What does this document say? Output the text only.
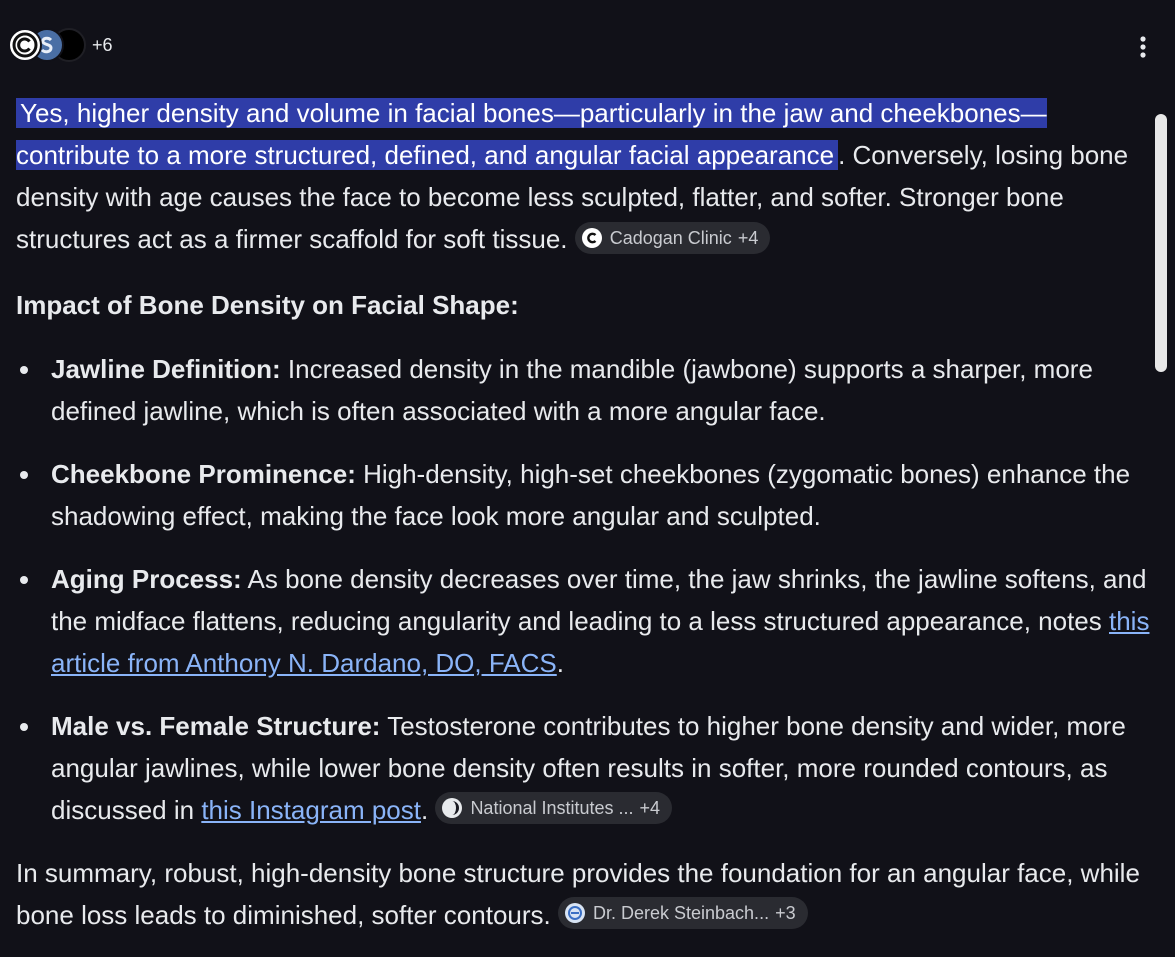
+6

Yes, higher density and volume in facial bones—particularly in the jaw and cheekbones—contribute to a more structured, defined, and angular facial appearance . Conversely, losing bone density with age causes the face to become less sculpted, flatter, and softer. Stronger bone structures act as a firmer scaffold for soft tissue. Cadogan Clinic +4

Impact of Bone Density on Facial Shape:
Jawline Definition: Increased density in the mandible (jawbone) supports a sharper, more defined jawline, which is often associated with a more angular face.
Cheekbone Prominence: High-density, high-set cheekbones (zygomatic bones) enhance the shadowing effect, making the face look more angular and sculpted.
Aging Process: As bone density decreases over time, the jaw shrinks, the jawline softens, and the midface flattens, reducing angularity and leading to a less structured appearance, notes this article from Anthony N. Dardano, DO, FACS.
Male vs. Female Structure: Testosterone contributes to higher bone density and wider, more angular jawlines, while lower bone density often results in softer, more rounded contours, as discussed in this Instagram post. National Institutes ... +4

In summary, robust, high-density bone structure provides the foundation for an angular face, while bone loss leads to diminished, softer contours. Dr. Derek Steinbach... +3
